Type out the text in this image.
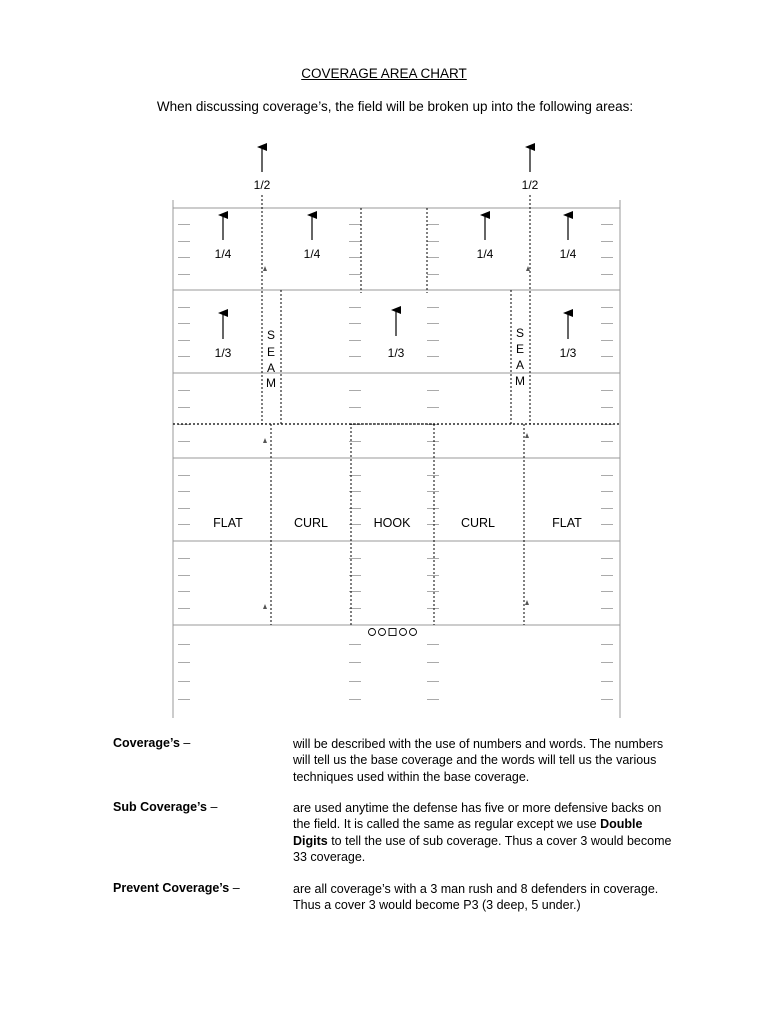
COVERAGE AREA CHART
When discussing coverage’s, the field will be broken up into the following areas:
1/2	1/2
1/4	1/4	1/4	1/4
1/3	1/3	1/3
S
E
A
M
S
E
A
M
FLAT	CURL	HOOK	CURL	FLAT
Coverage’s –	will be described with the use of numbers and words. The numbers will tell us the base coverage and the words will tell us the various techniques used within the base coverage.
Sub Coverage’s –	are used anytime the defense has five or more defensive backs on the field. It is called the same as regular except we use Double Digits to tell the use of sub coverage. Thus a cover 3 would become 33 coverage.
Prevent Coverage’s –	are all coverage’s with a 3 man rush and 8 defenders in coverage. Thus a cover 3 would become P3 (3 deep, 5 under.)
